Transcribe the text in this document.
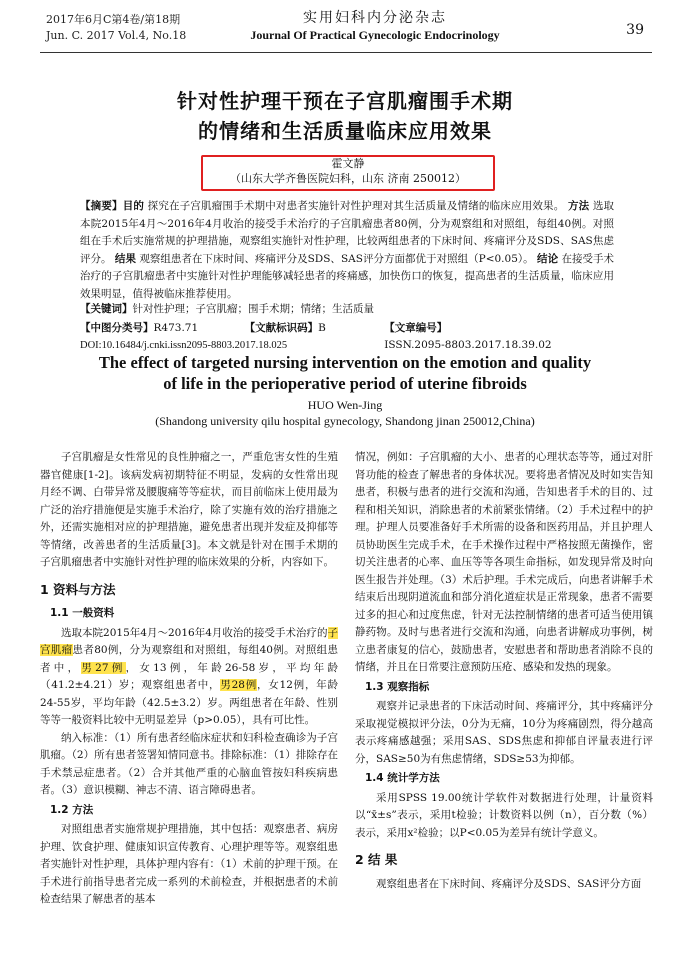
2017年6月C第4卷/第18期
Jun. C. 2017 Vol.4, No.18
实用妇科内分泌杂志
Journal Of Practical Gynecologic Endocrinology	39
针对性护理干预在子宫肌瘤围手术期
的情绪和生活质量临床应用效果
霍文静
（山东大学齐鲁医院妇科，山东 济南 250012）
【摘要】目的 探究在子宫肌瘤围手术期中对患者实施针对性护理对其生活质量及情绪的临床应用效果。 方法 选取本院2015年4月～2016年4月收治的接受手术治疗的子宫肌瘤患者80例，分为观察组和对照组，每组40例。对照组在手术后实施常规的护理措施，观察组实施针对性护理，比较两组患者的下床时间、疼痛评分及SDS、SAS焦虑评分。 结果 观察组患者在下床时间、疼痛评分及SDS、SAS评分方面都优于对照组（P<0.05）。 结论 在接受手术治疗的子宫肌瘤患者中实施针对性护理能够减轻患者的疼痛感，加快伤口的恢复，提高患者的生活质量，临床应用效果明显，值得被临床推荐使用。
【关键词】针对性护理；子宫肌瘤；围手术期；情绪；生活质量
【中图分类号】R473.71	【文献标识码】B	【文章编号】ISSN.2095-8803.2017.18.39.02
DOI:10.16484/j.cnki.issn2095-8803.2017.18.025
The effect of targeted nursing intervention on the emotion and quality
of life in the perioperative period of uterine fibroids
HUO Wen-Jing
(Shandong university qilu hospital gynecology, Shandong jinan 250012,China)

子宫肌瘤是女性常见的良性肿瘤之一，严重危害女性的生殖器官健康[1-2]。该病发病初期特征不明显，发病的女性常出现月经不调、白带异常及腰腹痛等等症状，而目前临床上使用最为广泛的治疗措施便是实施手术治疗，除了实施有效的治疗措施之外，还需实施相对应的护理措施，避免患者出现并发症及抑郁等等情绪，改善患者的生活质量[3]。本文就是针对在围手术期的子宫肌瘤患者中实施针对性护理的临床效果的分析，内容如下。

1 资料与方法

1.1 一般资料

选取本院2015年4月～2016年4月收治的接受手术治疗的子宫肌瘤患者80例，分为观察组和对照组，每组40例。对照组患者中，男27例，女13例，年龄26-58岁，平均年龄（41.2±4.21）岁；观察组患者中，男28例，女12例，年龄24-55岁，平均年龄（42.5±3.2）岁。两组患者在年龄、性别等等一般资料比较中无明显差异（p>0.05），具有可比性。

纳入标准：（1）所有患者经临床症状和妇科检查确诊为子宫肌瘤。（2）所有患者签署知情同意书。排除标准：（1）排除存在手术禁忌症患者。（2）合并其他严重的心脑血管按妇科疾病患者。（3）意识模糊、神志不清、语言障碍患者。

1.2 方法

对照组患者实施常规护理措施，其中包括：观察患者、病房护理、饮食护理、健康知识宣传教育、心理护理等等。观察组患者实施针对性护理，具体护理内容有：（1）术前的护理干预。在手术进行前指导患者完成一系列的术前检查，并根据患者的术前检查结果了解患者的基本

情况，例如：子宫肌瘤的大小、患者的心理状态等等，通过对肝肾功能的检查了解患者的身体状况。要将患者情况及时如实告知患者，积极与患者的进行交流和沟通，告知患者手术的目的、过程和相关知识，消除患者的术前紧张情绪。（2）手术过程中的护理。护理人员要准备好手术所需的设备和医药用品，并且护理人员协助医生完成手术，在手术操作过程中严格按照无菌操作，密切关注患者的心率、血压等等各项生命指标，如发现异常及时向医生报告并处理。（3）术后护理。手术完成后，向患者讲解手术结束后出现阴道流血和部分消化道症状是正常现象，患者不需要过多的担心和过度焦虑，针对无法控制情绪的患者可适当使用镇静药物。及时与患者进行交流和沟通，向患者讲解成功事例，树立患者康复的信心，鼓励患者，安慰患者和帮助患者消除不良的情绪，并且在日常要注意预防压疮、感染和发热的现象。

1.3 观察指标

观察并记录患者的下床活动时间、疼痛评分，其中疼痛评分采取视觉模拟评分法，0分为无痛，10分为疼痛剧烈，得分越高表示疼痛感越强；采用SAS、SDS焦虑和抑郁自评量表进行评分，SAS≥50为有焦虑情绪，SDS≥53为抑郁。

1.4 统计学方法

采用SPSS 19.00统计学软件对数据进行处理，计量资料以“x̄±s”表示，采用t检验；计数资料以例（n），百分数（%）表示，采用x²检验；以P<0.05为差异有统计学意义。

2 结 果

观察组患者在下床时间、疼痛评分及SDS、SAS评分方面
